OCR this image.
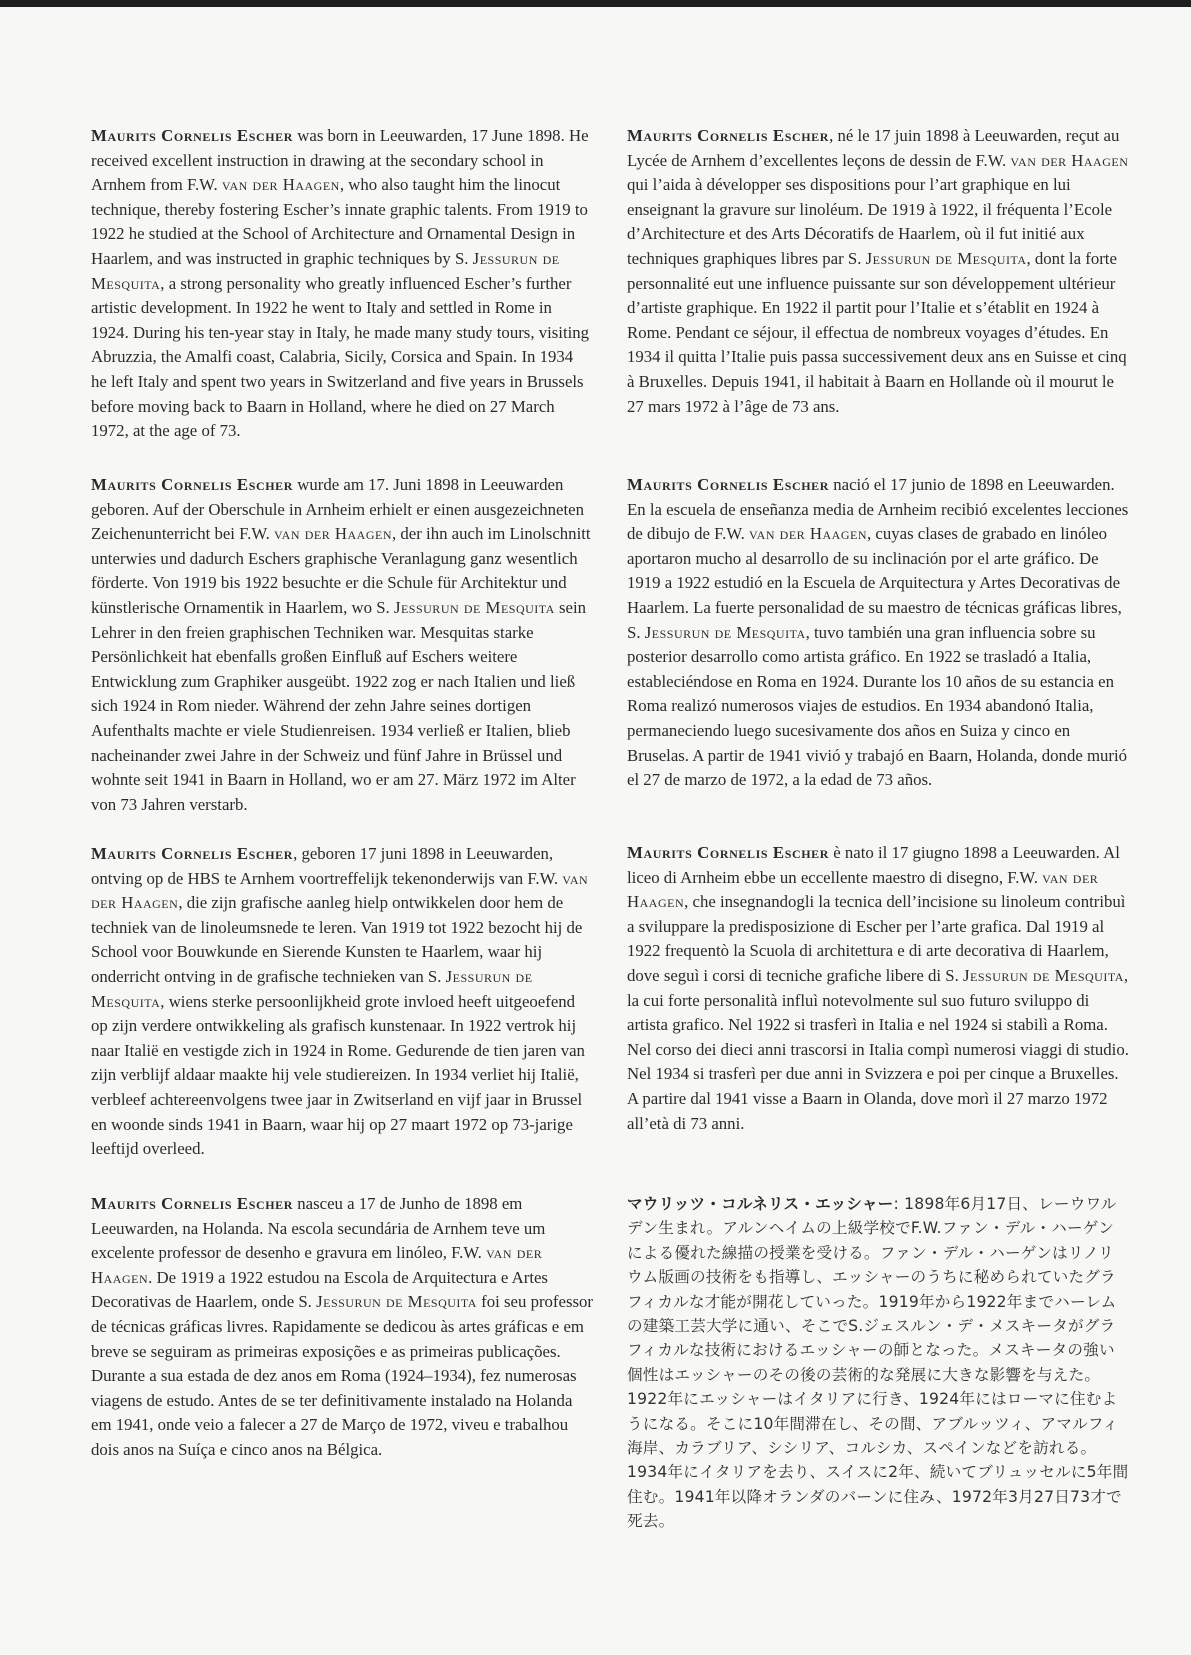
Maurits Cornelis Escher was born in Leeuwarden, 17 June 1898. He received excellent instruction in drawing at the secondary school in Arnhem from F.W. van der Haagen, who also taught him the linocut technique, thereby fostering Escher’s innate graphic talents. From 1919 to 1922 he studied at the School of Architecture and Ornamental Design in Haarlem, and was instructed in graphic techniques by S. Jessurun de Mesquita, a strong personality who greatly influenced Escher’s further artistic development. In 1922 he went to Italy and settled in Rome in 1924. During his ten-year stay in Italy, he made many study tours, visiting Abruzzia, the Amalfi coast, Calabria, Sicily, Corsica and Spain. In 1934 he left Italy and spent two years in Switzerland and five years in Brussels before moving back to Baarn in Holland, where he died on 27 March 1972, at the age of 73.

Maurits Cornelis Escher wurde am 17. Juni 1898 in Leeuwarden geboren. Auf der Oberschule in Arnheim erhielt er einen ausgezeichneten Zeichenunterricht bei F.W. van der Haagen, der ihn auch im Linolschnitt unterwies und dadurch Eschers graphische Veranlagung ganz wesentlich förderte. Von 1919 bis 1922 besuchte er die Schule für Architektur und künstlerische Ornamentik in Haarlem, wo S. Jessurun de Mesquita sein Lehrer in den freien graphischen Techniken war. Mesquitas starke Persönlichkeit hat ebenfalls großen Einfluß auf Eschers weitere Entwicklung zum Graphiker ausgeübt. 1922 zog er nach Italien und ließ sich 1924 in Rom nieder. Während der zehn Jahre seines dortigen Aufenthalts machte er viele Studienreisen. 1934 verließ er Italien, blieb nacheinander zwei Jahre in der Schweiz und fünf Jahre in Brüssel und wohnte seit 1941 in Baarn in Holland, wo er am 27. März 1972 im Alter von 73 Jahren verstarb.

Maurits Cornelis Escher, geboren 17 juni 1898 in Leeuwarden, ontving op de HBS te Arnhem voortreffelijk tekenonderwijs van F.W. van der Haagen, die zijn grafische aanleg hielp ontwikkelen door hem de techniek van de linoleumsnede te leren. Van 1919 tot 1922 bezocht hij de School voor Bouwkunde en Sierende Kunsten te Haarlem, waar hij onderricht ontving in de grafische technieken van S. Jessurun de Mesquita, wiens sterke persoonlijkheid grote invloed heeft uitgeoefend op zijn verdere ontwikkeling als grafisch kunstenaar. In 1922 vertrok hij naar Italië en vestigde zich in 1924 in Rome. Gedurende de tien jaren van zijn verblijf aldaar maakte hij vele studiereizen. In 1934 verliet hij Italië, verbleef achtereenvolgens twee jaar in Zwitserland en vijf jaar in Brussel en woonde sinds 1941 in Baarn, waar hij op 27 maart 1972 op 73-jarige leeftijd overleed.

Maurits Cornelis Escher nasceu a 17 de Junho de 1898 em Leeuwarden, na Holanda. Na escola secundária de Arnhem teve um excelente professor de desenho e gravura em linóleo, F.W. van der Haagen. De 1919 a 1922 estudou na Escola de Arquitectura e Artes Decorativas de Haarlem, onde S. Jessurun de Mesquita foi seu professor de técnicas gráficas livres. Rapidamente se dedicou às artes gráficas e em breve se seguiram as primeiras exposições e as primeiras publicações. Durante a sua estada de dez anos em Roma (1924–1934), fez numerosas viagens de estudo. Antes de se ter definitivamente instalado na Holanda em 1941, onde veio a falecer a 27 de Março de 1972, viveu e trabalhou dois anos na Suíça e cinco anos na Bélgica.

Maurits Cornelis Escher, né le 17 juin 1898 à Leeuwarden, reçut au Lycée de Arnhem d’excellentes leçons de dessin de F.W. van der Haagen qui l’aida à développer ses dispositions pour l’art graphique en lui enseignant la gravure sur linoléum. De 1919 à 1922, il fréquenta l’Ecole d’Architecture et des Arts Décoratifs de Haarlem, où il fut initié aux techniques graphiques libres par S. Jessurun de Mesquita, dont la forte personnalité eut une influence puissante sur son développement ultérieur d’artiste graphique. En 1922 il partit pour l’Italie et s’établit en 1924 à Rome. Pendant ce séjour, il effectua de nombreux voyages d’études. En 1934 il quitta l’Italie puis passa successivement deux ans en Suisse et cinq à Bruxelles. Depuis 1941, il habitait à Baarn en Hollande où il mourut le 27 mars 1972 à l’âge de 73 ans.

Maurits Cornelis Escher nació el 17 junio de 1898 en Leeuwarden. En la escuela de enseñanza media de Arnheim recibió excelentes lecciones de dibujo de F.W. van der Haagen, cuyas clases de grabado en linóleo aportaron mucho al desarrollo de su inclinación por el arte gráfico. De 1919 a 1922 estudió en la Escuela de Arquitectura y Artes Decorativas de Haarlem. La fuerte personalidad de su maestro de técnicas gráficas libres, S. Jessurun de Mesquita, tuvo también una gran influencia sobre su posterior desarrollo como artista gráfico. En 1922 se trasladó a Italia, estableciéndose en Roma en 1924. Durante los 10 años de su estancia en Roma realizó numerosos viajes de estudios. En 1934 abandonó Italia, permaneciendo luego sucesivamente dos años en Suiza y cinco en Bruselas. A partir de 1941 vivió y trabajó en Baarn, Holanda, donde murió el 27 de marzo de 1972, a la edad de 73 años.

Maurits Cornelis Escher è nato il 17 giugno 1898 a Leeuwarden. Al liceo di Arnheim ebbe un eccellente maestro di disegno, F.W. van der Haagen, che insegnandogli la tecnica dell’incisione su linoleum contribuì a sviluppare la predisposizione di Escher per l’arte grafica. Dal 1919 al 1922 frequentò la Scuola di architettura e di arte decorativa di Haarlem, dove seguì i corsi di tecniche grafiche libere di S. Jessurun de Mesquita, la cui forte personalità influì notevolmente sul suo futuro sviluppo di artista grafico. Nel 1922 si trasferì in Italia e nel 1924 si stabilì a Roma. Nel corso dei dieci anni trascorsi in Italia compì numerosi viaggi di studio. Nel 1934 si trasferì per due anni in Svizzera e poi per cinque a Bruxelles. A partire dal 1941 visse a Baarn in Olanda, dove morì il 27 marzo 1972 all’età di 73 anni.

マウリッツ・コルネリス・エッシャー: 1898年6月17日、レーウワルデン生まれ。アルンヘイムの上級学校でF.W.ファン・デル・ハーゲンによる優れた線描の授業を受ける。ファン・デル・ハーゲンはリノリウム版画の技術をも指導し、エッシャーのうちに秘められていたグラフィカルな才能が開花していった。1919年から1922年までハーレムの建築工芸大学に通い、そこでS.ジェスルン・デ・メスキータがグラフィカルな技術におけるエッシャーの師となった。メスキータの強い個性はエッシャーのその後の芸術的な発展に大きな影響を与えた。1922年にエッシャーはイタリアに行き、1924年にはローマに住むようになる。そこに10年間滞在し、その間、アブルッツィ、アマルフィ海岸、カラブリア、シシリア、コルシカ、スペインなどを訪れる。1934年にイタリアを去り、スイスに2年、続いてブリュッセルに5年間住む。1941年以降オランダのバーンに住み、1972年3月27日73才で死去。
